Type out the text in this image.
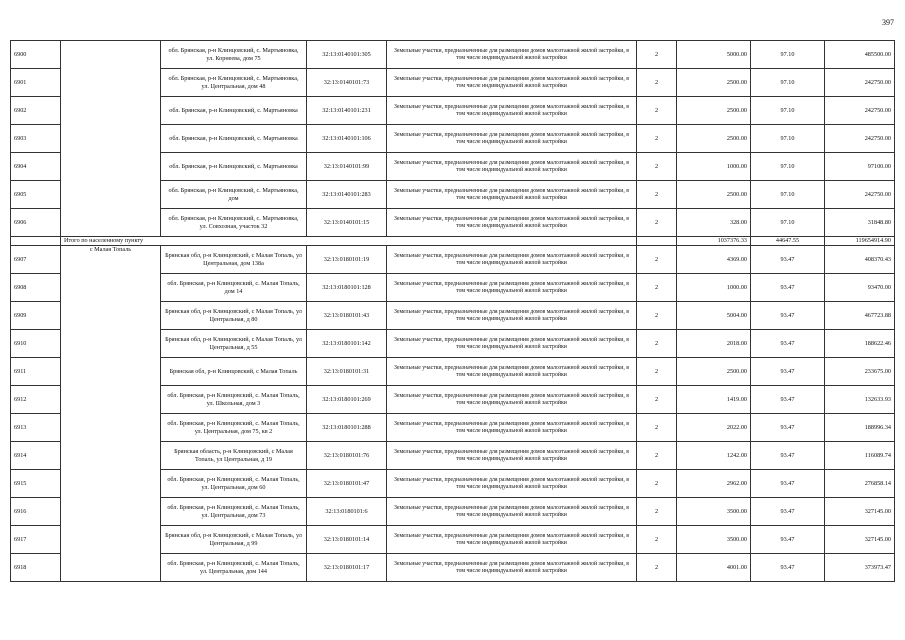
397
6900		обл. Брянская, р-н Клинцовский, с. Мартьяновка, ул. Корнеева, дом 75	32:13:0140101:305	Земельные участки, предназначенные для размещения домов малоэтажной жилой застройки, в том числе индивидуальной жилой застройки	2	5000.00	97.10	485500.00
6901		обл. Брянская, р-н Клинцовский, с. Мартьяновка, ул. Центральная, дом 48	32:13:0140101:73	Земельные участки, предназначенные для размещения домов малоэтажной жилой застройки, в том числе индивидуальной жилой застройки	2	2500.00	97.10	242750.00
6902		обл. Брянская, р-н Клинцовский, с. Мартьяновка	32:13:0140101:231	Земельные участки, предназначенные для размещения домов малоэтажной жилой застройки, в том числе индивидуальной жилой застройки	2	2500.00	97.10	242750.00
6903		обл. Брянская, р-н Клинцовский, с. Мартьяновка	32:13:0140101:106	Земельные участки, предназначенные для размещения домов малоэтажной жилой застройки, в том числе индивидуальной жилой застройки	2	2500.00	97.10	242750.00
6904		обл. Брянская, р-н Клинцовский, с. Мартьяновка	32:13:0140101:99	Земельные участки, предназначенные для размещения домов малоэтажной жилой застройки, в том числе индивидуальной жилой застройки	2	1000.00	97.10	97100.00
6905		обл. Брянская, р-н Клинцовский, с. Мартьяновка, дом	32:13:0140101:283	Земельные участки, предназначенные для размещения домов малоэтажной жилой застройки, в том числе индивидуальной жилой застройки	2	2500.00	97.10	242750.00
6906		обл. Брянская, р-н Клинцовский, с. Мартьяновка, ул. Совхозная, участок 32	32:13:0140101:15	Земельные участки, предназначенные для размещения домов малоэтажной жилой застройки, в том числе индивидуальной жилой застройки	2	328.00	97.10	31848.80
	Итого по населенному пункту					1037376.33	44647.55	119654914.90
6907	с Малая Топаль	Брянская обл, р-н Клинцовский, с Малая Топаль, ул Центральная, дом 138а	32:13:0180101:19	Земельные участки, предназначенные для размещения домов малоэтажной жилой застройки, в том числе индивидуальной жилой застройки	2	4369.00	93.47	408370.43
6908		обл. Брянская, р-н Клинцовский, с. Малая Топаль, дом 14	32:13:0180101:128	Земельные участки, предназначенные для размещения домов малоэтажной жилой застройки, в том числе индивидуальной жилой застройки	2	1000.00	93.47	93470.00
6909		Брянская обл, р-н Клинцовский, с Малая Топаль, ул Центральная, д 80	32:13:0180101:43	Земельные участки, предназначенные для размещения домов малоэтажной жилой застройки, в том числе индивидуальной жилой застройки	2	5004.00	93.47	467723.88
6910		Брянская обл, р-н Клинцовский, с Малая Топаль, ул Центральная, д 55	32:13:0180101:142	Земельные участки, предназначенные для размещения домов малоэтажной жилой застройки, в том числе индивидуальной жилой застройки	2	2018.00	93.47	188622.46
6911		Брянская обл, р-н Клинцовский, с Малая Топаль	32:13:0180101:31	Земельные участки, предназначенные для размещения домов малоэтажной жилой застройки, в том числе индивидуальной жилой застройки	2	2500.00	93.47	233675.00
6912		обл. Брянская, р-н Клинцовский, с. Малая Топаль, ул. Школьная, дом 3	32:13:0180101:269	Земельные участки, предназначенные для размещения домов малоэтажной жилой застройки, в том числе индивидуальной жилой застройки	2	1419.00	93.47	132633.93
6913		обл. Брянская, р-н Клинцовский, с. Малая Топаль, ул. Центральная, дом 75, кв 2	32:13:0180101:288	Земельные участки, предназначенные для размещения домов малоэтажной жилой застройки, в том числе индивидуальной жилой застройки	2	2022.00	93.47	188996.34
6914		Брянская область, р-н Клинцовский, с Малая Топаль, ул Центральная, д 19	32:13:0180101:76	Земельные участки, предназначенные для размещения домов малоэтажной жилой застройки, в том числе индивидуальной жилой застройки	2	1242.00	93.47	116089.74
6915		обл. Брянская, р-н Клинцовский, с. Малая Топаль, ул. Центральная, дом 60	32:13:0180101:47	Земельные участки, предназначенные для размещения домов малоэтажной жилой застройки, в том числе индивидуальной жилой застройки	2	2962.00	93.47	276858.14
6916		обл. Брянская, р-н Клинцовский, с. Малая Топаль, ул. Центральная, дом 73	32:13:0180101:6	Земельные участки, предназначенные для размещения домов малоэтажной жилой застройки, в том числе индивидуальной жилой застройки	2	3500.00	93.47	327145.00
6917		Брянская обл, р-н Клинцовский, с Малая Топаль, ул Центральная, д 99	32:13:0180101:14	Земельные участки, предназначенные для размещения домов малоэтажной жилой застройки, в том числе индивидуальной жилой застройки	2	3500.00	93.47	327145.00
6918		обл. Брянская, р-н Клинцовский, с. Малая Топаль, ул. Центральная, дом 144	32:13:0180101:17	Земельные участки, предназначенные для размещения домов малоэтажной жилой застройки, в том числе индивидуальной жилой застройки	2	4001.00	93.47	373973.47
